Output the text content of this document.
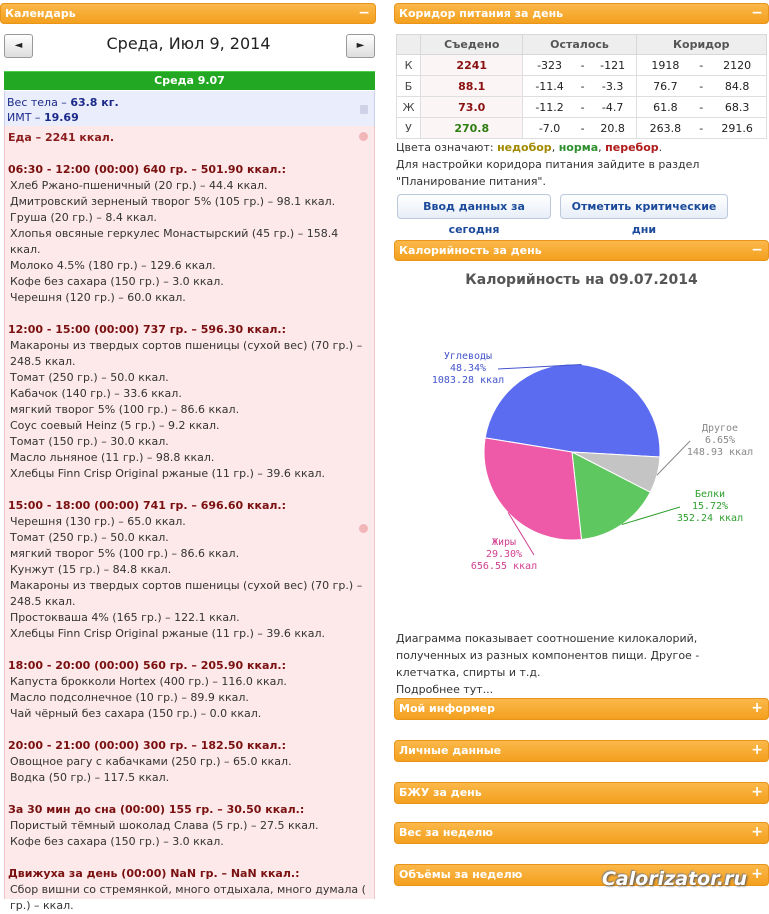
Календарь	−
◄	Среда, Июл 9, 2014	►
Среда 9.07
Вес тела – 63.8 кг.
ИМТ – 19.69
Еда – 2241 ккал.
06:30 - 12:00 (00:00) 640 гр. – 501.90 ккал.:
Хлеб Ржано-пшеничный (20 гр.) – 44.4 ккал.
Дмитровский зерненый творог 5% (105 гр.) – 98.1 ккал.
Груша (20 гр.) – 8.4 ккал.
Хлопья овсяные геркулес Монастырский (45 гр.) – 158.4 ккал.
Молоко 4.5% (180 гр.) – 129.6 ккал.
Кофе без сахара (150 гр.) – 3.0 ккал.
Черешня (120 гр.) – 60.0 ккал.
12:00 - 15:00 (00:00) 737 гр. – 596.30 ккал.:
Макароны из твердых сортов пшеницы (сухой вес) (70 гр.) – 248.5 ккал.
Томат (250 гр.) – 50.0 ккал.
Кабачок (140 гр.) – 33.6 ккал.
мягкий творог 5% (100 гр.) – 86.6 ккал.
Соус соевый Heinz (5 гр.) – 9.2 ккал.
Томат (150 гр.) – 30.0 ккал.
Масло льняное (11 гр.) – 98.8 ккал.
Хлебцы Finn Crisp Original ржаные (11 гр.) – 39.6 ккал.
15:00 - 18:00 (00:00) 741 гр. – 696.60 ккал.:
Черешня (130 гр.) – 65.0 ккал.
Томат (250 гр.) – 50.0 ккал.
мягкий творог 5% (100 гр.) – 86.6 ккал.
Кунжут (15 гр.) – 84.8 ккал.
Макароны из твердых сортов пшеницы (сухой вес) (70 гр.) – 248.5 ккал.
Простокваша 4% (165 гр.) – 122.1 ккал.
Хлебцы Finn Crisp Original ржаные (11 гр.) – 39.6 ккал.
18:00 - 20:00 (00:00) 560 гр. – 205.90 ккал.:
Капуста брокколи Hortex (400 гр.) – 116.0 ккал.
Масло подсолнечное (10 гр.) – 89.9 ккал.
Чай чёрный без сахара (150 гр.) – 0.0 ккал.
20:00 - 21:00 (00:00) 300 гр. – 182.50 ккал.:
Овощное рагу с кабачками (250 гр.) – 65.0 ккал.
Водка (50 гр.) – 117.5 ккал.
За 30 мин до сна (00:00) 155 гр. – 30.50 ккал.:
Пористый тёмный шоколад Слава (5 гр.) – 27.5 ккал.
Кофе без сахара (150 гр.) – 3.0 ккал.
Движуха за день (00:00) NaN гр. – NaN ккал.:
Сбор вишни со стремянкой, много отдыхала, много думала ( гр.) – ккал.
Коридор питания за день	−
	Съедено	Осталось			Коридор		
К	2241	-323	-	-121	1918	-	2120
Б	88.1	-11.4	-	-3.3	76.7	-	84.8
Ж	73.0	-11.2	-	-4.7	61.8	-	68.3
У	270.8	-7.0	-	20.8	263.8	-	291.6
Цвета означают: недобор, норма, перебор.
Для настройки коридора питания зайдите в раздел
"Планирование питания".
Ввод данных за сегодня
Отметить критические дни
Калорийность за день	−
Калорийность на 09.07.2014
Углеводы
48.34%
1083.28 ккал
Другое
6.65%
148.93 ккал
Белки
15.72%
352.24 ккал
Жиры
29.30%
656.55 ккал
Диаграмма показывает соотношение килокалорий, полученных из разных компонентов пищи. Другое - клетчатка, спирты и т.д.
Подробнее тут...
Мой информер	+
Личные данные	+
БЖУ за день	+
Вес за неделю	+
Объёмы за неделю	+
Calorizator.ru
